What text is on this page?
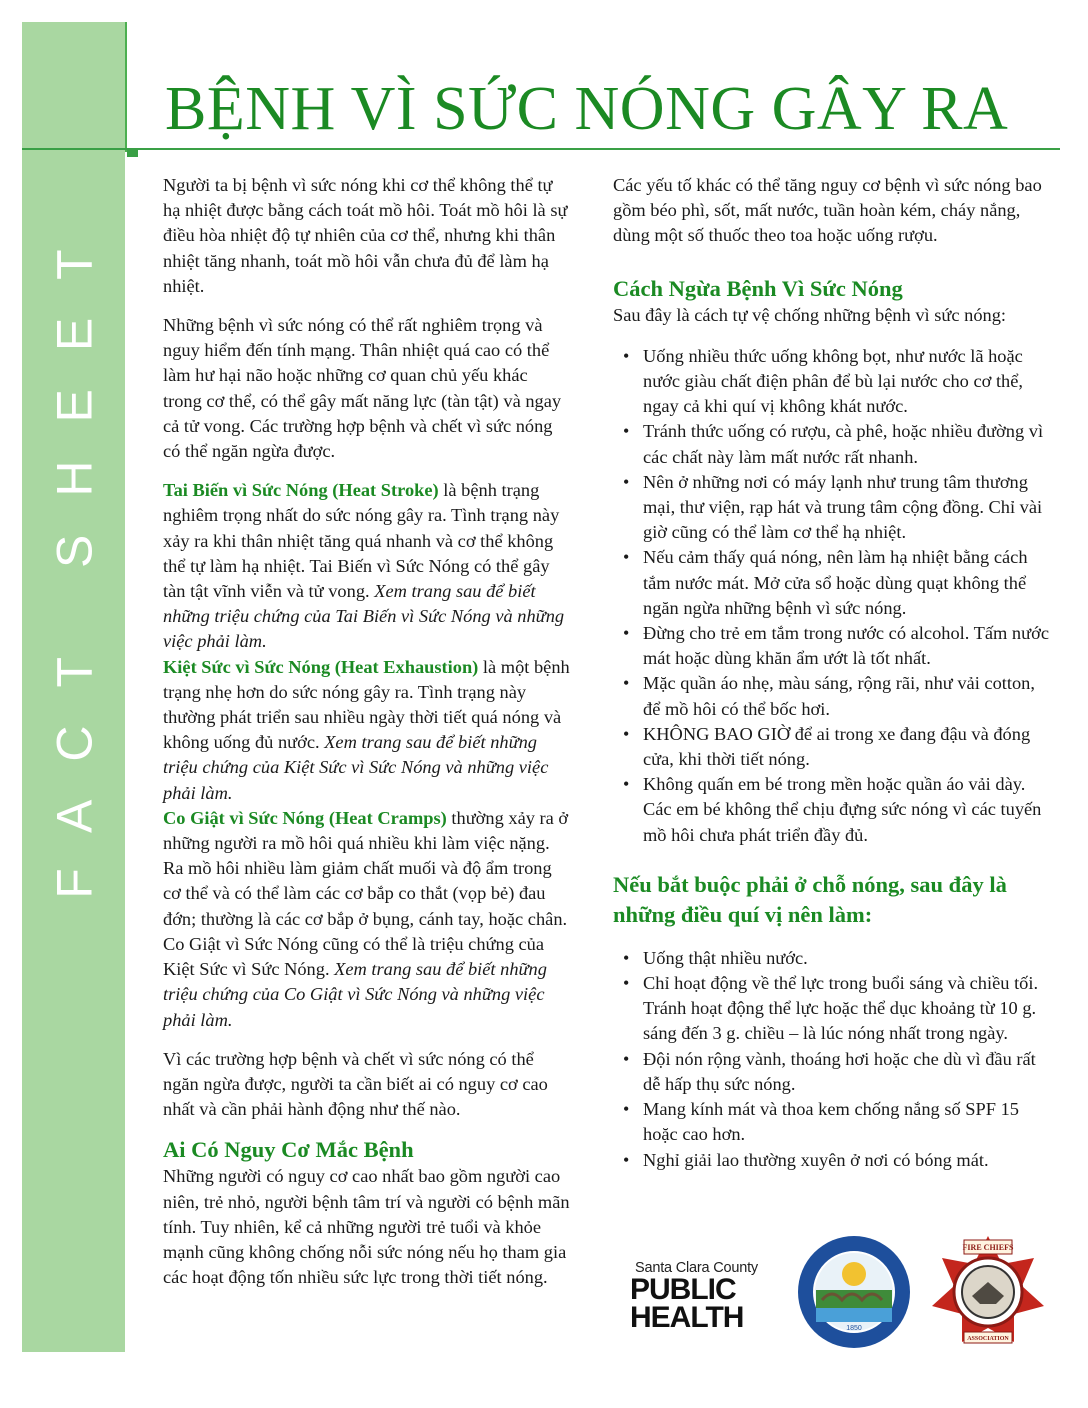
FACT SHEET
BỆNH VÌ SỨC NÓNG GÂY RA

Người ta bị bệnh vì sức nóng khi cơ thể không thể tự hạ nhiệt được bằng cách toát mồ hôi. Toát mồ hôi là sự điều hòa nhiệt độ tự nhiên của cơ thể, nhưng khi thân nhiệt tăng nhanh, toát mồ hôi vẫn chưa đủ để làm hạ nhiệt.

Những bệnh vì sức nóng có thể rất nghiêm trọng và nguy hiểm đến tính mạng. Thân nhiệt quá cao có thể làm hư hại não hoặc những cơ quan chủ yếu khác trong cơ thể, có thể gây mất năng lực (tàn tật) và ngay cả tử vong. Các trường hợp bệnh và chết vì sức nóng có thể ngăn ngừa được.

Tai Biến vì Sức Nóng (Heat Stroke) là bệnh trạng nghiêm trọng nhất do sức nóng gây ra. Tình trạng này xảy ra khi thân nhiệt tăng quá nhanh và cơ thể không thể tự làm hạ nhiệt. Tai Biến vì Sức Nóng có thể gây tàn tật vĩnh viễn và tử vong. Xem trang sau để biết những triệu chứng của Tai Biến vì Sức Nóng và những việc phải làm.

Kiệt Sức vì Sức Nóng (Heat Exhaustion) là một bệnh trạng nhẹ hơn do sức nóng gây ra. Tình trạng này thường phát triển sau nhiều ngày thời tiết quá nóng và không uống đủ nước. Xem trang sau để biết những triệu chứng của Kiệt Sức vì Sức Nóng và những việc phải làm.

Co Giật vì Sức Nóng (Heat Cramps) thường xảy ra ở những người ra mồ hôi quá nhiều khi làm việc nặng. Ra mồ hôi nhiều làm giảm chất muối và độ ẩm trong cơ thể và có thể làm các cơ bắp co thắt (vọp bẻ) đau đớn; thường là các cơ bắp ở bụng, cánh tay, hoặc chân. Co Giật vì Sức Nóng cũng có thể là triệu chứng của Kiệt Sức vì Sức Nóng. Xem trang sau để biết những triệu chứng của Co Giật vì Sức Nóng và những việc phải làm.

Vì các trường hợp bệnh và chết vì sức nóng có thể ngăn ngừa được, người ta cần biết ai có nguy cơ cao nhất và cần phải hành động như thế nào.

Ai Có Nguy Cơ Mắc Bệnh

Những người có nguy cơ cao nhất bao gồm người cao niên, trẻ nhỏ, người bệnh tâm trí và người có bệnh mãn tính. Tuy nhiên, kể cả những người trẻ tuổi và khỏe mạnh cũng không chống nỗi sức nóng nếu họ tham gia các hoạt động tốn nhiều sức lực trong thời tiết nóng.

Các yếu tố khác có thể tăng nguy cơ bệnh vì sức nóng bao gồm béo phì, sốt, mất nước, tuần hoàn kém, cháy nắng, dùng một số thuốc theo toa hoặc uống rượu.

Cách Ngừa Bệnh Vì Sức Nóng

Sau đây là cách tự vệ chống những bệnh vì sức nóng:

• Uống nhiều thức uống không bọt, như nước lã hoặc nước giàu chất điện phân để bù lại nước cho cơ thể, ngay cả khi quí vị không khát nước.
• Tránh thức uống có rượu, cà phê, hoặc nhiều đường vì các chất này làm mất nước rất nhanh.
• Nên ở những nơi có máy lạnh như trung tâm thương mại, thư viện, rạp hát và trung tâm cộng đồng. Chỉ vài giờ cũng có thể làm cơ thể hạ nhiệt.
• Nếu cảm thấy quá nóng, nên làm hạ nhiệt bằng cách tắm nước mát. Mở cửa sổ hoặc dùng quạt không thể ngăn ngừa những bệnh vì sức nóng.
• Đừng cho trẻ em tắm trong nước có alcohol. Tấm nước mát hoặc dùng khăn ẩm ướt là tốt nhất.
• Mặc quần áo nhẹ, màu sáng, rộng rãi, như vải cotton, để mồ hôi có thể bốc hơi.
• KHÔNG BAO GIỜ để ai trong xe đang đậu và đóng cửa, khi thời tiết nóng.
• Không quấn em bé trong mền hoặc quần áo vải dày. Các em bé không thể chịu đựng sức nóng vì các tuyến mồ hôi chưa phát triển đầy đủ.
Nếu bắt buộc phải ở chỗ nóng, sau đây là những điều quí vị nên làm:
• Uống thật nhiều nước.
• Chỉ hoạt động về thể lực trong buổi sáng và chiều tối. Tránh hoạt động thể lực hoặc thể dục khoảng từ 10 g. sáng đến 3 g. chiều – là lúc nóng nhất trong ngày.
• Đội nón rộng vành, thoáng hơi hoặc che dù vì đầu rất dễ hấp thụ sức nóng.
• Mang kính mát và thoa kem chống nắng số SPF 15 hoặc cao hơn.
• Nghỉ giải lao thường xuyên ở nơi có bóng mát.
Santa Clara County
PUBLIC
HEALTH	1850
FIRE CHIEFS
ASSOCIATION
